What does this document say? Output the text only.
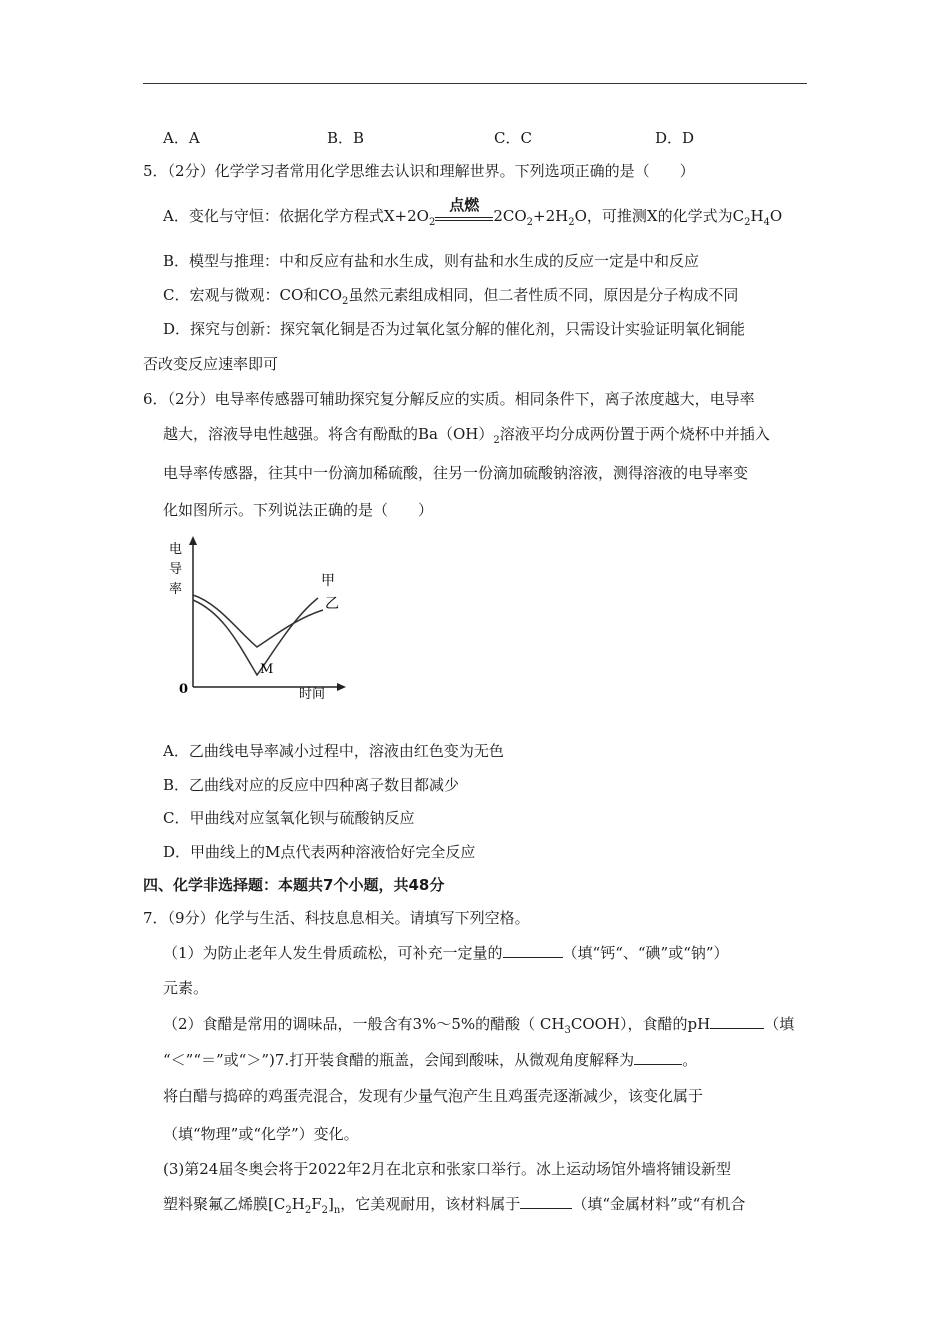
A．A	B．B	C．C	D．D
5．（2分）化学学习者常用化学思维去认识和理解世界。下列选项正确的是（　　）
A．变化与守恒：依据化学方程式$X+2O_2$
点燃
$2CO_2+2H_2O$，可推测X的化学式为$C_2H_4O$
B．模型与推理：中和反应有盐和水生成，则有盐和水生成的反应一定是中和反应
C．宏观与微观：CO和$CO_2$虽然元素组成相同，但二者性质不同，原因是分子构成不同
D．探究与创新：探究氧化铜是否为过氧化氢分解的催化剂，只需设计实验证明氧化铜能
否改变反应速率即可
6．（2分）电导率传感器可辅助探究复分解反应的实质。相同条件下，离子浓度越大，电导率
越大，溶液导电性越强。将含有酚酞的$Ba(OH)_2$溶液平均分成两份置于两个烧杯中并插入
电导率传感器，往其中一份滴加稀硫酸，往另一份滴加硫酸钠溶液，测得溶液的电导率变
化如图所示。下列说法正确的是（　　）
电
导
率
0	时间
甲
乙
M
A．乙曲线电导率减小过程中，溶液由红色变为无色
B．乙曲线对应的反应中四种离子数目都减少
C．甲曲线对应氢氧化钡与硫酸钠反应
D．甲曲线上的M点代表两种溶液恰好完全反应
四、化学非选择题：本题共7个小题，共48分
7．（9分）化学与生活、科技息息相关。请填写下列空格。
（1）为防止老年人发生骨质疏松，可补充一定量的	（填“钙“、“碘”或“钠”）
元素。
（2）食醋是常用的调味品，一般含有3%～5%的醋酸（ $CH_3COOH$），食醋的pH	（填
“＜”“＝”或“＞”)7.打开装食醋的瓶盖，会闻到酸味，从微观角度解释为	。
将白醋与捣碎的鸡蛋壳混合，发现有少量气泡产生且鸡蛋壳逐渐减少，该变化属于
（填“物理”或“化学”）变化。
(3)第24届冬奥会将于2022年2月在北京和张家口举行。冰上运动场馆外墙将铺设新型
塑料聚氟乙烯膜$[C_2H_2F_2]_n$，它美观耐用，该材料属于	（填“金属材料”或“有机合
